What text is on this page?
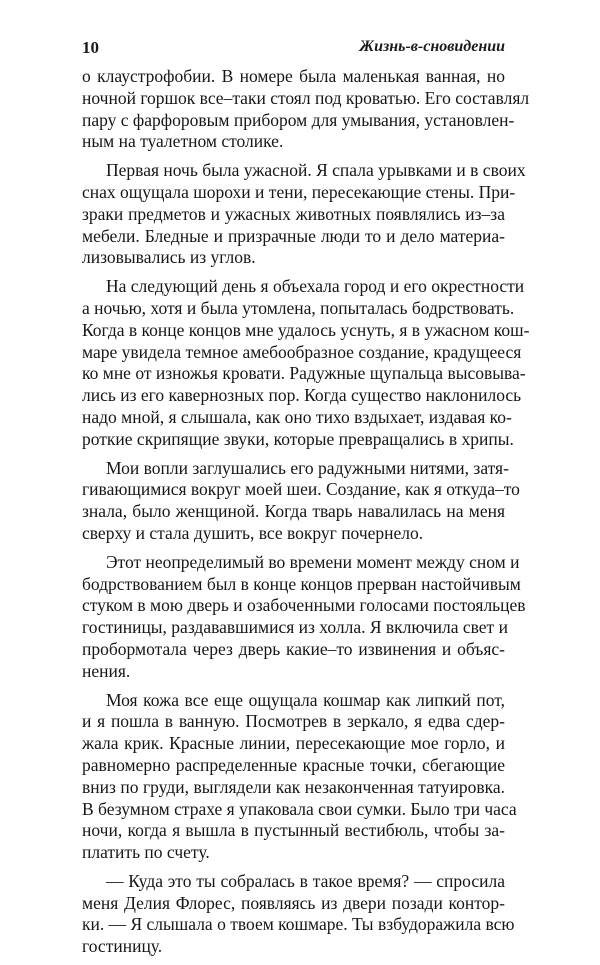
10	Жизнь-в-сновидении
о клаустрофобии. В номере была маленькая ванная, но
ночной горшок все–таки стоял под кроватью. Его составлял
пару с фарфоровым прибором для умывания, установлен-
ным на туалетном столике.
Первая ночь была ужасной. Я спала урывками и в своих
снах ощущала шорохи и тени, пересекающие стены. При-
зраки предметов и ужасных животных появлялись из–за
мебели. Бледные и призрачные люди то и дело материа-
лизовывались из углов.
На следующий день я объехала город и его окрестности
а ночью, хотя и была утомлена, попыталась бодрствовать.
Когда в конце концов мне удалось уснуть, я в ужасном кош-
маре увидела темное амебообразное создание, крадущееся
ко мне от изножья кровати. Радужные щупальца высовыва-
лись из его кавернозных пор. Когда существо наклонилось
надо мной, я слышала, как оно тихо вздыхает, издавая ко-
роткие скрипящие звуки, которые превращались в хрипы.
Мои вопли заглушались его радужными нитями, затя-
гивающимися вокруг моей шеи. Создание, как я откуда–то
знала, было женщиной. Когда тварь навалилась на меня
сверху и стала душить, все вокруг почернело.
Этот неопределимый во времени момент между сном и
бодрствованием был в конце концов прерван настойчивым
стуком в мою дверь и озабоченными голосами постояльцев
гостиницы, раздававшимися из холла. Я включила свет и
пробормотала через дверь какие–то извинения и объяс-
нения.
Моя кожа все еще ощущала кошмар как липкий пот,
и я пошла в ванную. Посмотрев в зеркало, я едва сдер-
жала крик. Красные линии, пересекающие мое горло, и
равномерно распределенные красные точки, сбегающие
вниз по груди, выглядели как незаконченная татуировка.
В безумном страхе я упаковала свои сумки. Было три часа
ночи, когда я вышла в пустынный вестибюль, чтобы за-
платить по счету.
— Куда это ты собралась в такое время? — спросила
меня Делия Флорес, появляясь из двери позади контор-
ки. — Я слышала о твоем кошмаре. Ты взбудоражила всю
гостиницу.
